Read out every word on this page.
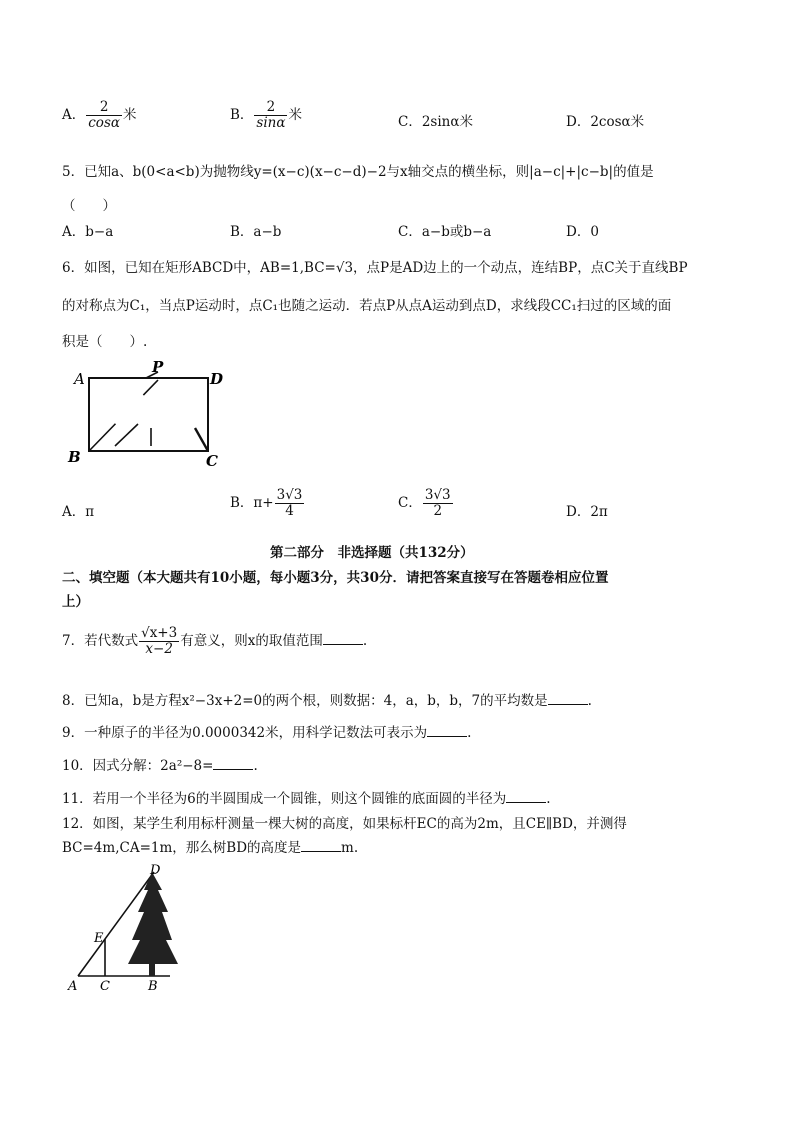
A． $\frac{2}{\cos\alpha}$ 米	B． $\frac{2}{\sin\alpha}$ 米	C．2sinα米	D．2cosα米
5．已知a、b(0<a<b)为抛物线y=(x−c)(x−c−d)−2与x轴交点的横坐标，则|a−c|+|c−b|的值是
（　　）
A．b−a	B．a−b	C．a−b或b−a	D．0
6．如图，已知在矩形ABCD中，AB=1,BC=√3，点P是AD边上的一个动点，连结BP，点C关于直线BP
的对称点为C₁，当点P运动时，点C₁也随之运动．若点P从点A运动到点D，求线段CC₁扫过的区域的面
积是（　　）.
A
P
D
B	C
A．π
B．$\pi+ \frac{3√3}{4}$	C． $\frac{3√3}{2}$	D．2π
第二部分　非选择题（共132分）
二、填空题（本大题共有10小题，每小题3分，共30分．请把答案直接写在答题卷相应位置
上）
7．若代数式 $\frac{√x+3}{x-2}$ 有意义，则x的取值范围	.
8．已知a，b是方程x²−3x+2=0的两个根，则数据：4，a，b，b，7的平均数是	.
9．一种原子的半径为0.0000342米，用科学记数法可表示为	.
10．因式分解：2a²−8=	.
11．若用一个半径为6的半圆围成一个圆锥，则这个圆锥的底面圆的半径为	.
12．如图，某学生利用标杆测量一棵大树的高度，如果标杆EC的高为2m，且CE∥BD，并测得
BC=4m,CA=1m，那么树BD的高度是	m.
D
E
A C	B
